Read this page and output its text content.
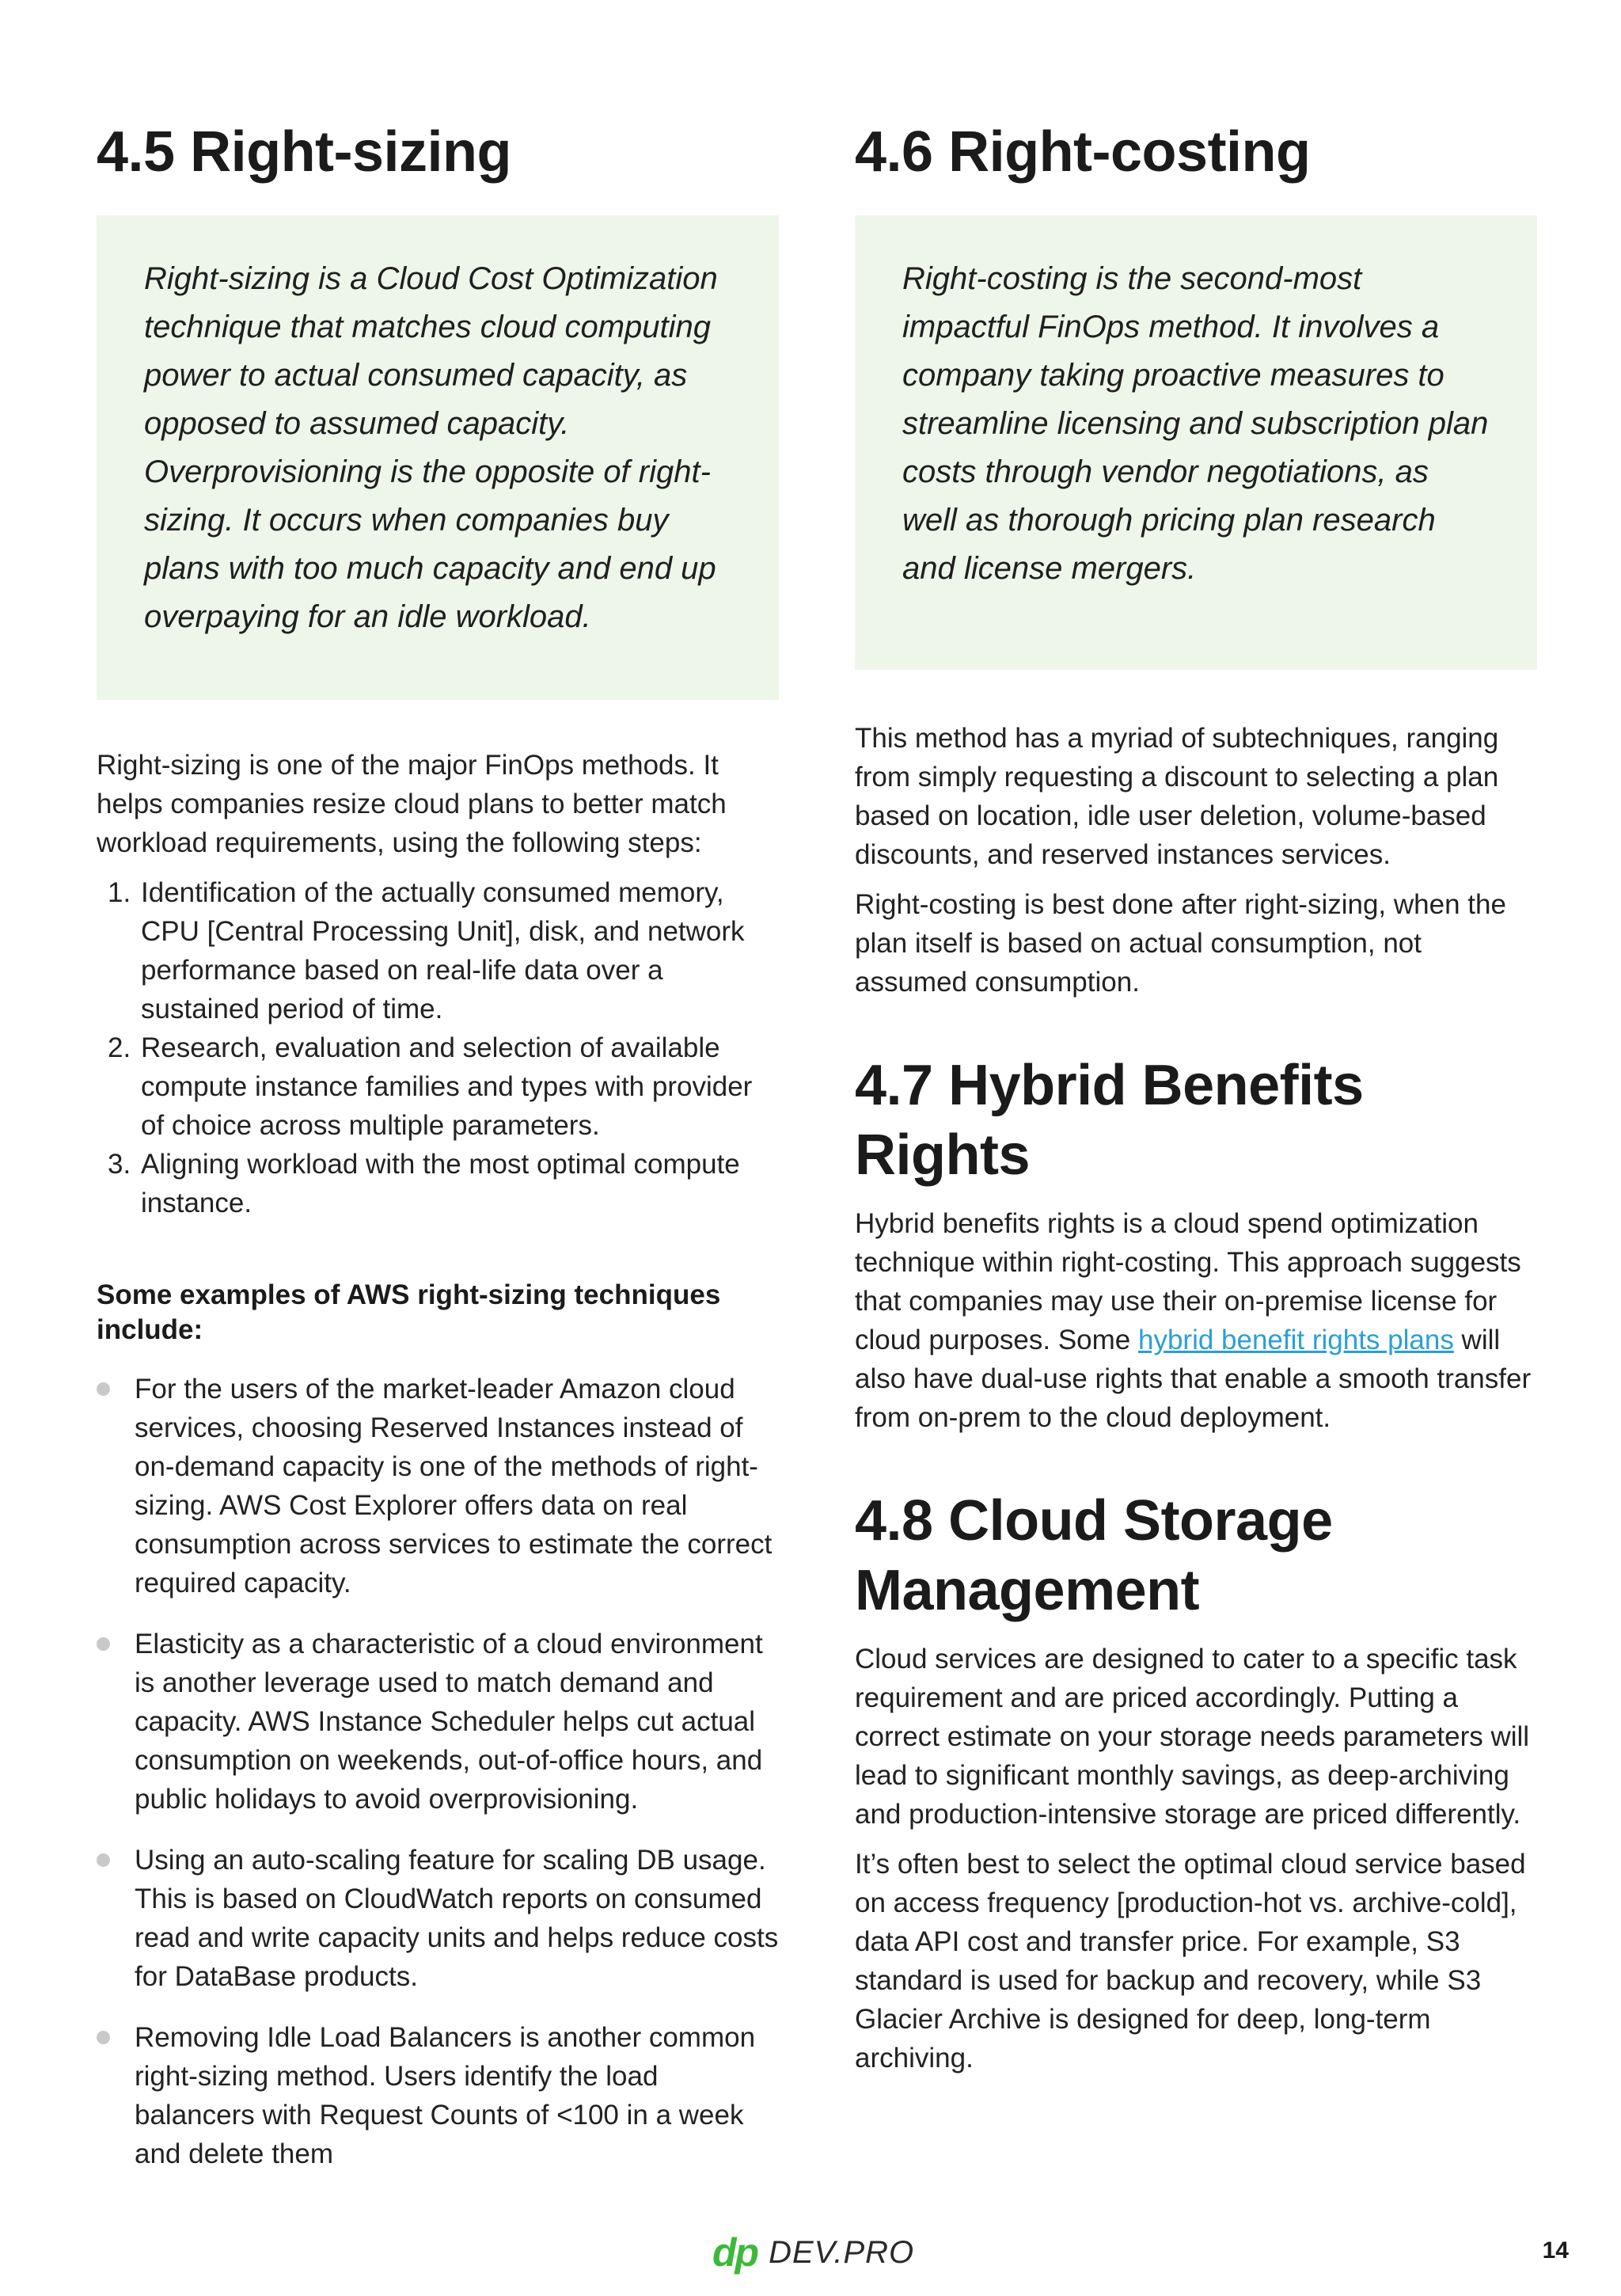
4.5 Right-sizing

Right-sizing is a Cloud Cost Optimization technique that matches cloud computing power to actual consumed capacity, as opposed to assumed capacity. Overprovisioning is the opposite of right-sizing. It occurs when companies buy plans with too much capacity and end up overpaying for an idle workload.

Right-sizing is one of the major FinOps methods. It helps companies resize cloud plans to better match workload requirements, using the following steps:

1. Identification of the actually consumed memory, CPU [Central Processing Unit], disk, and network performance based on real-life data over a sustained period of time.
2. Research, evaluation and selection of available compute instance families and types with provider of choice across multiple parameters.
3. Aligning workload with the most optimal compute instance.
Some examples of AWS right-sizing techniques include:
For the users of the market-leader Amazon cloud services, choosing Reserved Instances instead of on-demand capacity is one of the methods of right-sizing. AWS Cost Explorer offers data on real consumption across services to estimate the correct required capacity.
Elasticity as a characteristic of a cloud environment is another leverage used to match demand and capacity. AWS Instance Scheduler helps cut actual consumption on weekends, out-of-office hours, and public holidays to avoid overprovisioning.
Using an auto-scaling feature for scaling DB usage. This is based on CloudWatch reports on consumed read and write capacity units and helps reduce costs for DataBase products.
Removing Idle Load Balancers is another common right-sizing method. Users identify the load balancers with Request Counts of <100 in a week and delete them
4.6 Right-costing

Right-costing is the second-most impactful FinOps method. It involves a company taking proactive measures to streamline licensing and subscription plan costs through vendor negotiations, as well as thorough pricing plan research and license mergers.

This method has a myriad of subtechniques, ranging from simply requesting a discount to selecting a plan based on location, idle user deletion, volume-based discounts, and reserved instances services.

Right-costing is best done after right-sizing, when the plan itself is based on actual consumption, not assumed consumption.

4.7 Hybrid Benefits Rights

Hybrid benefits rights is a cloud spend optimization technique within right-costing. This approach suggests that companies may use their on-premise license for cloud purposes. Some hybrid benefit rights plans will also have dual-use rights that enable a smooth transfer from on-prem to the cloud deployment.

4.8 Cloud Storage Management

Cloud services are designed to cater to a specific task requirement and are priced accordingly. Putting a correct estimate on your storage needs parameters will lead to significant monthly savings, as deep-archiving and production-intensive storage are priced differently.

It’s often best to select the optimal cloud service based on access frequency [production-hot vs. archive-cold], data API cost and transfer price. For example, S3 standard is used for backup and recovery, while S3 Glacier Archive is designed for deep, long-term archiving.

dp DEV.PRO	14
